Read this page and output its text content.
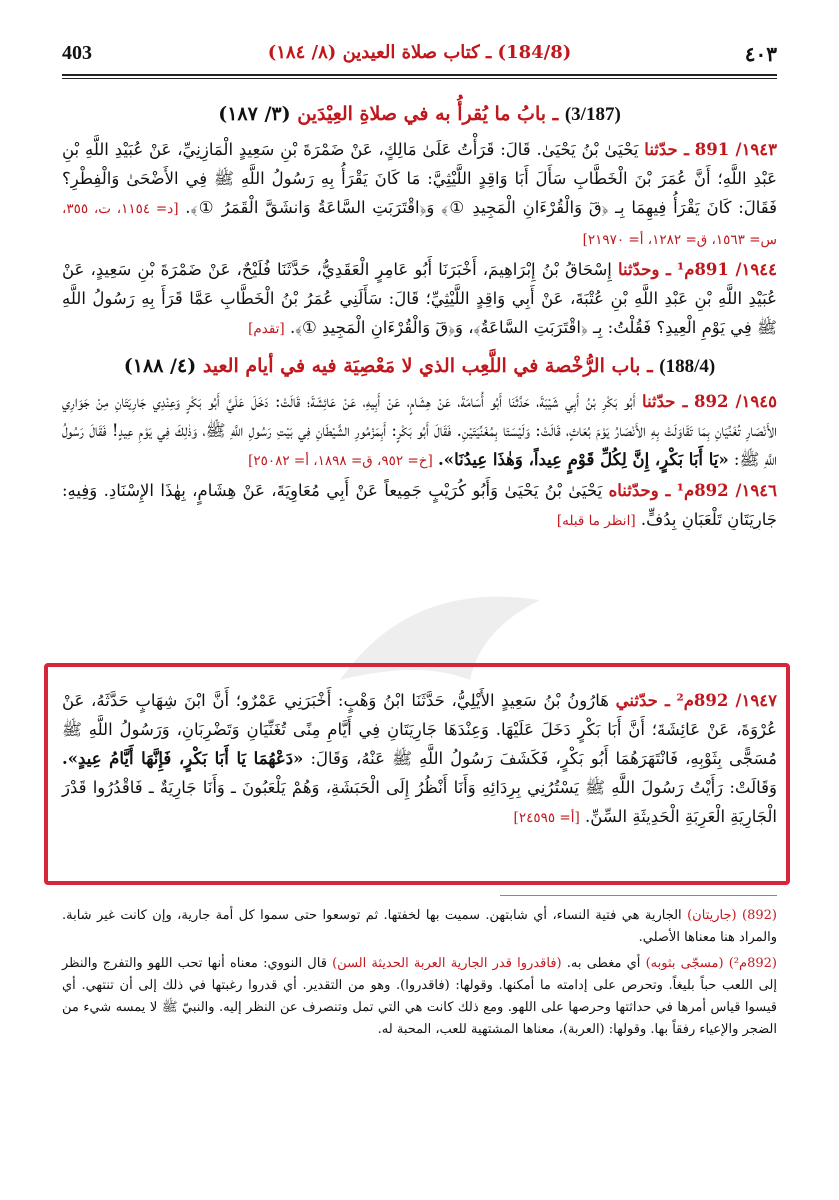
403	(184/8) ـ كتاب صلاة العيدين (٨/ ١٨٤)	٤٠٣
(3/187) ـ بابُ ما يُقرأُ به في صلاةِ العِيْدَين (٣/ ١٨٧)

١٩٤٣/ 891 ـ حدّثنا يَحْيَىٰ بْنُ يَحْيَىٰ. قَالَ: قَرَأْتُ عَلَىٰ مَالِكٍ، عَنْ ضَمْرَةَ بْنِ سَعِيدٍ الْمَازِنِيِّ، عَنْ عُبَيْدِ اللَّهِ بْنِ عَبْدِ اللَّهِ؛ أَنَّ عُمَرَ بْنَ الْخَطَّابِ سَأَلَ أَبَا وَاقِدٍ اللَّيْثِيَّ: مَا كَانَ يَقْرَأُ بِهِ رَسُولُ اللَّهِ ﷺ فِي الأَضْحَىٰ وَالْفِطْرِ؟ فَقَالَ: كَانَ يَقْرَأُ فِيهِمَا بِـ ﴿قٓ وَالْقُرْءَانِ الْمَجِيدِ ①﴾ وَ﴿اقْتَرَبَتِ السَّاعَةُ وَانشَقَّ الْقَمَرُ ①﴾. [د= ١١٥٤، ت، ٣٥٥، س= ١٥٦٣، ق= ١٢٨٢، أ= ٢١٩٧٠]

١٩٤٤/ 891م¹ ـ وحدّثنا إِسْحَاقُ بْنُ إِبْرَاهِيمَ، أَخْبَرَنَا أَبُو عَامِرٍ الْعَقَدِيُّ، حَدَّثَنَا فُلَيْحٌ، عَنْ ضَمْرَةَ بْنِ سَعِيدٍ، عَنْ عُبَيْدِ اللَّهِ بْنِ عَبْدِ اللَّهِ بْنِ عُتْبَةَ، عَنْ أَبِي وَاقِدٍ اللَّيْثِيِّ؛ قَالَ: سَأَلَنِي عُمَرُ بْنُ الْخَطَّابِ عَمَّا قَرَأَ بِهِ رَسُولُ اللَّهِ ﷺ فِي يَوْمِ الْعِيدِ؟ فَقُلْتُ: بِـ ﴿اقْتَرَبَتِ السَّاعَةُ﴾، وَ﴿قٓ وَالْقُرْءَانِ الْمَجِيدِ ①﴾. [تقدم]

(188/4) ـ باب الرُّخْصة في اللَّعِب الذي لا مَعْصِيَة فيه في أيام العيد (٤/ ١٨٨)

١٩٤٥/ 892 ـ حدّثنا أَبُو بَكْرِ بْنُ أَبِي شَيْبَةَ، حَدَّثَنَا أَبُو أُسَامَةَ، عَنْ هِشَامٍ، عَنْ أَبِيهِ، عَنْ عَائِشَةَ؛ قَالَتْ: دَخَلَ عَلَيَّ أَبُو بَكْرٍ وَعِنْدِي جَارِيَتَانِ مِنْ جَوَارِي الأَنْصَارِ تُغَنِّيَانِ بِمَا تَقَاوَلَتْ بِهِ الأَنْصَارُ يَوْمَ بُعَاثٍ، قَالَتْ: وَلَيْسَتَا بِمُغَنِّيَتَيْنِ. فَقَالَ أَبُو بَكْرٍ: أَبِمَزْمُورِ الشَّيْطَانِ فِي بَيْتِ رَسُولِ اللَّهِ ﷺ، وَذٰلِكَ فِي يَوْمِ عِيدٍ! فَقَالَ رَسُولُ اللَّهِ ﷺ: «يَا أَبَا بَكْرٍ، إِنَّ لِكُلِّ قَوْمٍ عِيداً، وَهٰذَا عِيدُنَا». [خ= ٩٥٢، ق= ١٨٩٨، أ= ٢٥٠٨٢]

١٩٤٦/ 892م¹ ـ وحدّثناه يَحْيَىٰ بْنُ يَحْيَىٰ وَأَبُو كُرَيْبٍ جَمِيعاً عَنْ أَبِي مُعَاوِيَةَ، عَنْ هِشَامٍ، بِهٰذَا الإِسْنَادِ. وَفِيهِ: جَارِيَتَانِ تَلْعَبَانِ بِدُفٍّ. [انظر ما قبله]

١٩٤٧/ 892م² ـ حدّثني هَارُونُ بْنُ سَعِيدٍ الأَيْلِيُّ، حَدَّثَنَا ابْنُ وَهْبٍ: أَخْبَرَنِي عَمْرٌو؛ أَنَّ ابْنَ شِهَابٍ حَدَّثَهُ، عَنْ عُرْوَةَ، عَنْ عَائِشَةَ؛ أَنَّ أَبَا بَكْرٍ دَخَلَ عَلَيْهَا. وَعِنْدَهَا جَارِيَتَانِ فِي أَيَّامِ مِنًى تُغَنِّيَانِ وَتَضْرِبَانِ، وَرَسُولُ اللَّهِ ﷺ مُسَجًّى بِثَوْبِهِ، فَانْتَهَرَهُمَا أَبُو بَكْرٍ، فَكَشَفَ رَسُولُ اللَّهِ ﷺ عَنْهُ، وَقَالَ: «دَعْهُمَا يَا أَبَا بَكْرٍ، فَإِنَّهَا أَيَّامُ عِيدٍ». وَقَالَتْ: رَأَيْتُ رَسُولَ اللَّهِ ﷺ يَسْتُرُنِي بِرِدَائِهِ وَأَنَا أَنْظُرُ إِلَى الْحَبَشَةِ، وَهُمْ يَلْعَبُونَ ـ وَأَنَا جَارِيَةٌ ـ فَاقْدُرُوا قَدْرَ الْجَارِيَةِ الْعَرِبَةِ الْحَدِيثَةِ السِّنِّ. [أ= ٢٤٥٩٥]

(892) (جاريتان) الجارية هي فتية النساء، أي شابتهن. سميت بها لخفتها. ثم توسعوا حتى سموا كل أمة جارية، وإن كانت غير شابة. والمراد هنا معناها الأصلي.

(892م²) (مسجّى بثوبه) أي مغطى به. (فاقدروا قدر الجارية العربة الحديثة السن) قال النووي: معناه أنها تحب اللهو والتفرج والنظر إلى اللعب حباً بليغاً. وتحرص على إدامته ما أمكنها. وقولها: (فاقدروا). وهو من التقدير. أي قدروا رغبتها في ذلك إلى أن تنتهي. أي قيسوا قياس أمرها في حداثتها وحرصها على اللهو. ومع ذلك كانت هي التي تمل وتنصرف عن النظر إليه. والنبيّ ﷺ لا يمسه شيء من الضجر والإعياء رفقاً بها. وقولها: (العربة)، معناها المشتهية للعب، المحبة له.
